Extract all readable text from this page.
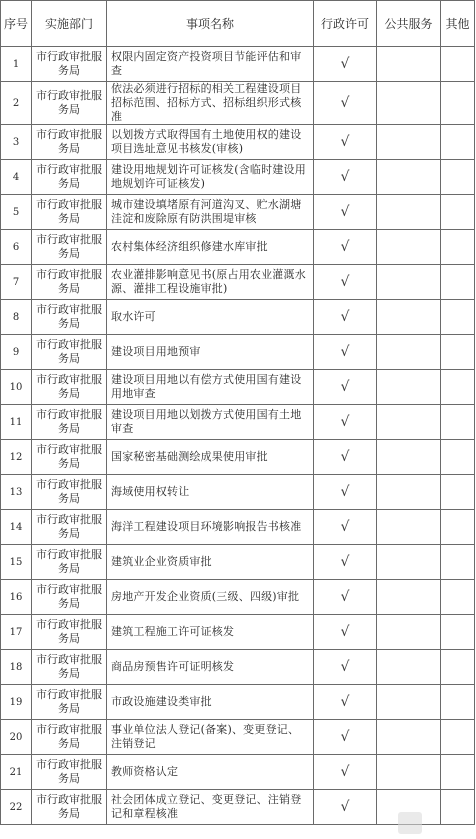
序号	实施部门	事项名称	行政许可	公共服务	其他
1	市行政审批服务局	权限内固定资产投资项目节能评估和审查	√		
2	市行政审批服务局	依法必须进行招标的相关工程建设项目招标范围、招标方式、招标组织形式核准	√		
3	市行政审批服务局	以划拨方式取得国有土地使用权的建设项目选址意见书核发(审核)	√		
4	市行政审批服务局	建设用地规划许可证核发(含临时建设用地规划许可证核发)	√		
5	市行政审批服务局	城市建设填堵原有河道沟叉、贮水湖塘洼淀和废除原有防洪围堤审核	√		
6	市行政审批服务局	农村集体经济组织修建水库审批	√		
7	市行政审批服务局	农业灌排影响意见书(原占用农业灌溉水源、灌排工程设施审批)	√		
8	市行政审批服务局	取水许可	√		
9	市行政审批服务局	建设项目用地预审	√		
10	市行政审批服务局	建设项目用地以有偿方式使用国有建设用地审查	√		
11	市行政审批服务局	建设项目用地以划拨方式使用国有土地审查	√		
12	市行政审批服务局	国家秘密基础测绘成果使用审批	√		
13	市行政审批服务局	海域使用权转让	√		
14	市行政审批服务局	海洋工程建设项目环境影响报告书核准	√		
15	市行政审批服务局	建筑业企业资质审批	√		
16	市行政审批服务局	房地产开发企业资质(三级、四级)审批	√		
17	市行政审批服务局	建筑工程施工许可证核发	√		
18	市行政审批服务局	商品房预售许可证明核发	√		
19	市行政审批服务局	市政设施建设类审批	√		
20	市行政审批服务局	事业单位法人登记(备案)、变更登记、注销登记	√		
21	市行政审批服务局	教师资格认定	√		
22	市行政审批服务局	社会团体成立登记、变更登记、注销登记和章程核准	√		
